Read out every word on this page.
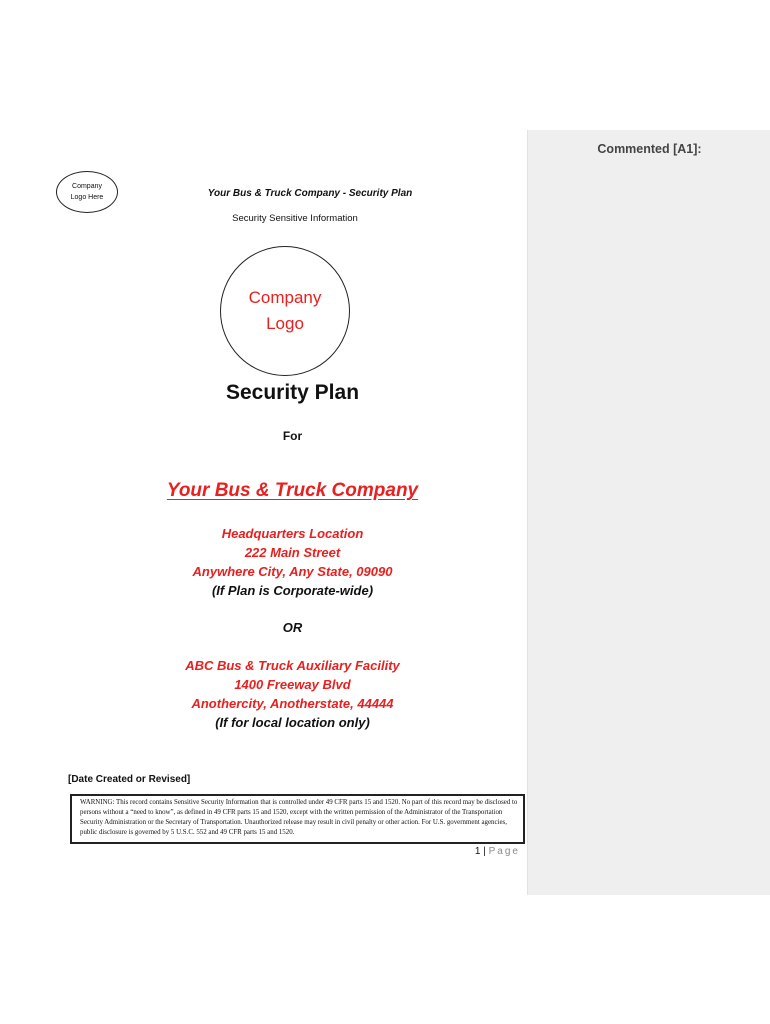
Company
Logo Here	Your Bus & Truck Company - Security Plan
Security Sensitive Information
Company
Logo
Security Plan
For
Your Bus & Truck Company
Headquarters Location
222 Main Street
Anywhere City, Any State, 09090
(If Plan is Corporate-wide)
OR
ABC Bus & Truck Auxiliary Facility
1400 Freeway Blvd
Anothercity, Anotherstate, 44444
(If for local location only)
[Date Created or Revised]
WARNING: This record contains Sensitive Security Information that is controlled under 49 CFR parts 15 and 1520. No part of this record may be disclosed to persons without a “need to know”, as defined in 49 CFR parts 15 and 1520, except with the written permission of the Administrator of the Transportation Security Administration or the Secretary of Transportation. Unauthorized release may result in civil penalty or other action. For U.S. government agencies, public disclosure is governed by 5 U.S.C. 552 and 49 CFR parts 15 and 1520.
1 | Page
Commented [A1]:
